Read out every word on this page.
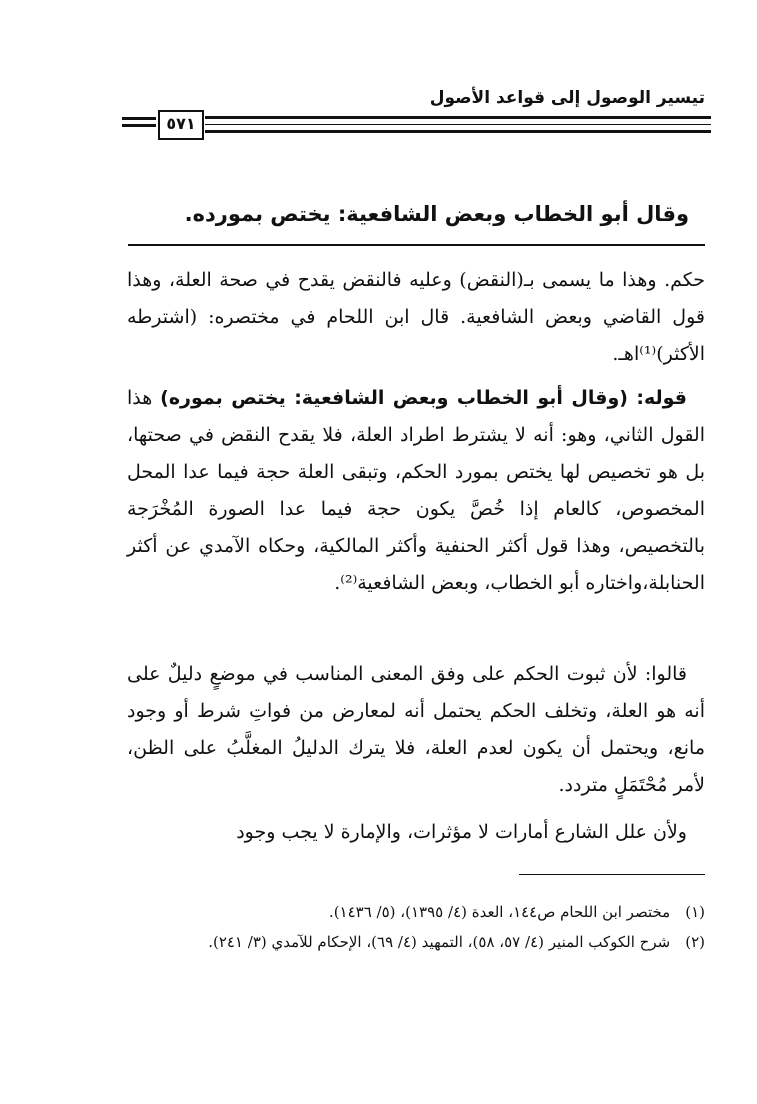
تيسير الوصول إلى قواعد الأصول
٥٧١
وقال أبو الخطاب وبعض الشافعية: يختص بمورده.

حكم. وهذا ما يسمى بـ(النقض) وعليه فالنقض يقدح في صحة العلة، وهذا قول القاضي وبعض الشافعية. قال ابن اللحام في مختصره: (اشترطه الأكثر)⁽¹⁾اهـ.

قوله: (وقال أبو الخطاب وبعض الشافعية: يختص بموره) هذا القول الثاني، وهو: أنه لا يشترط اطراد العلة، فلا يقدح النقض في صحتها، بل هو تخصيص لها يختص بمورد الحكم، وتبقى العلة حجة فيما عدا المحل المخصوص، كالعام إذا خُصَّ يكون حجة فيما عدا الصورة المُخْرَجة بالتخصيص، وهذا قول أكثر الحنفية وأكثر المالكية، وحكاه الآمدي عن أكثر الحنابلة،واختاره أبو الخطاب، وبعض الشافعية⁽²⁾.

قالوا: لأن ثبوت الحكم على وفق المعنى المناسب في موضعٍ دليلٌ على أنه هو العلة، وتخلف الحكم يحتمل أنه لمعارض من فواتِ شرط أو وجود مانع، ويحتمل أن يكون لعدم العلة، فلا يترك الدليلُ المغلَّبُ على الظن، لأمر مُحْتَمَلٍ متردد.

ولأن علل الشارع أمارات لا مؤثرات، والإمارة لا يجب وجود

(١) مختصر ابن اللحام ص١٤٤، العدة (٤/ ١٣٩٥)، (٥/ ١٤٣٦).
(٢) شرح الكوكب المنير (٤/ ٥٧، ٥٨)، التمهيد (٤/ ٦٩)، الإحكام للآمدي (٣/ ٢٤١).
